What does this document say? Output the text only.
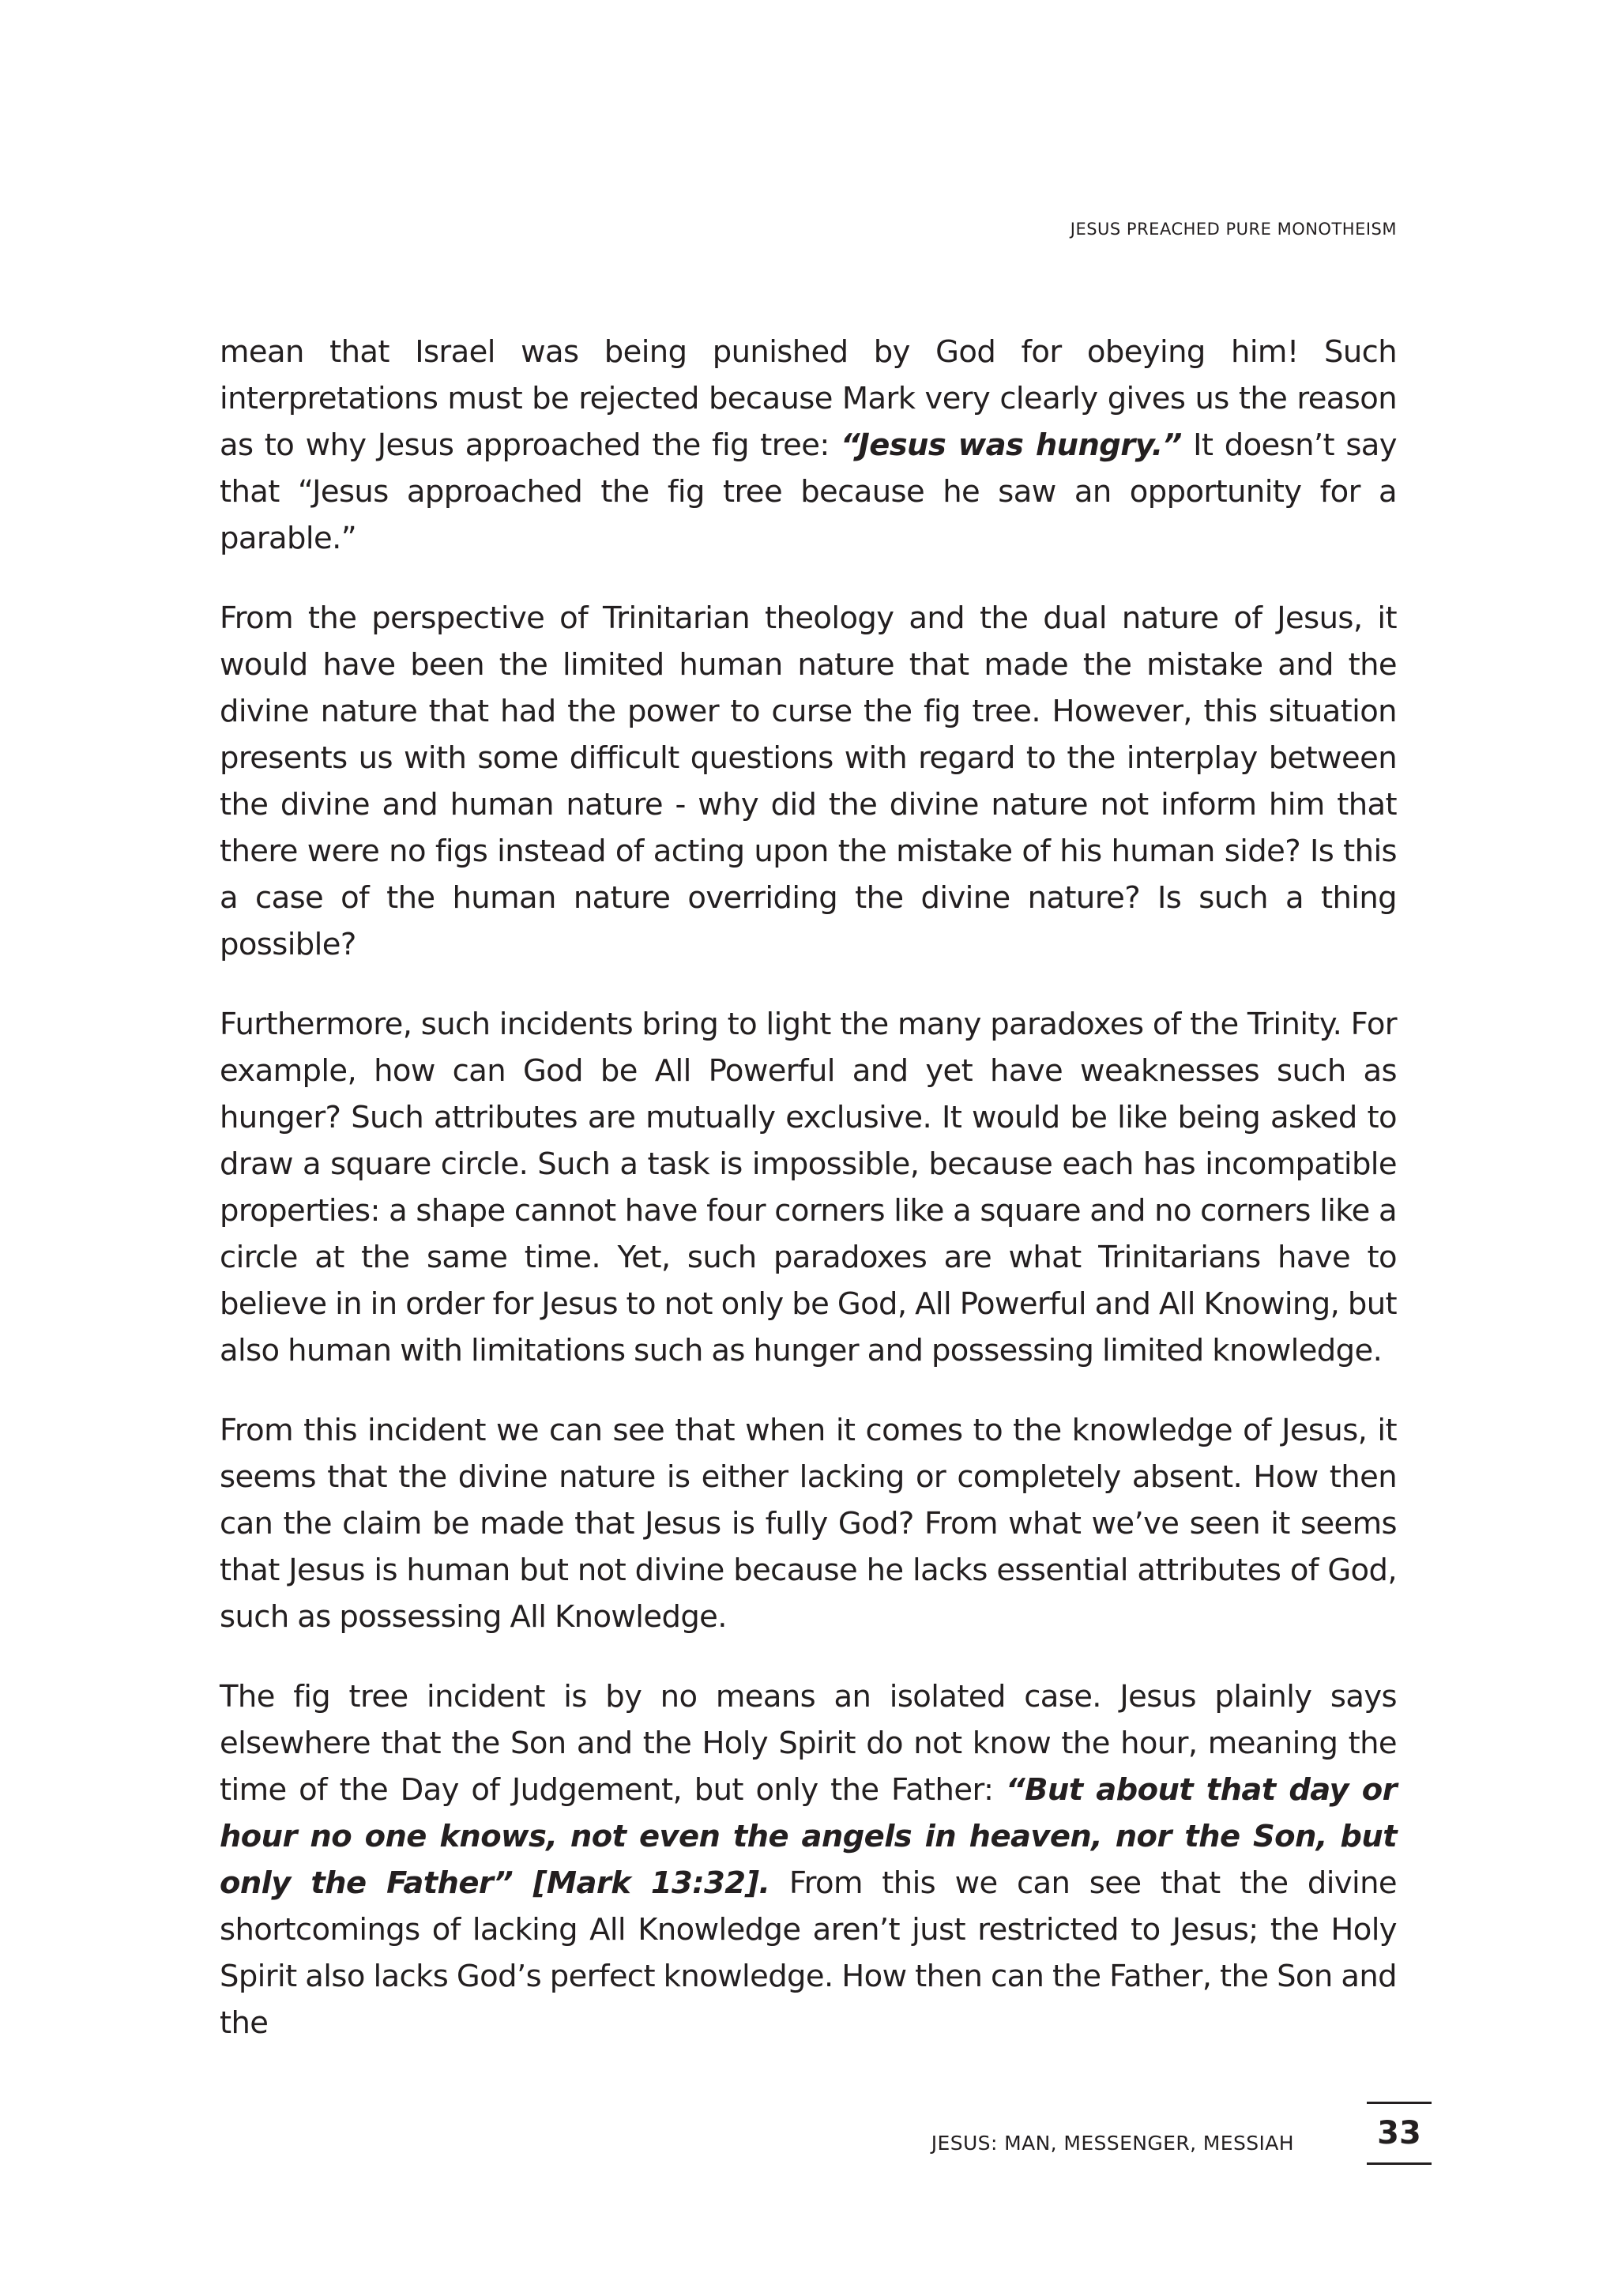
JESUS PREACHED PURE MONOTHEISM

mean that Israel was being punished by God for obeying him! Such interpretations must be rejected because Mark very clearly gives us the reason as to why Jesus approached the fig tree: “Jesus was hungry.” It doesn’t say that “Jesus approached the fig tree because he saw an opportunity for a parable.”

From the perspective of Trinitarian theology and the dual nature of Jesus, it would have been the limited human nature that made the mistake and the divine nature that had the power to curse the fig tree. However, this situation presents us with some difficult questions with regard to the interplay between the divine and human nature - why did the divine nature not inform him that there were no figs instead of acting upon the mistake of his human side? Is this a case of the human nature overriding the divine nature? Is such a thing possible?

Furthermore, such incidents bring to light the many paradoxes of the Trinity. For example, how can God be All Powerful and yet have weaknesses such as hunger? Such attributes are mutually exclusive. It would be like being asked to draw a square circle. Such a task is impossible, because each has incompatible properties: a shape cannot have four corners like a square and no corners like a circle at the same time. Yet, such paradoxes are what Trinitarians have to believe in in order for Jesus to not only be God, All Powerful and All Knowing, but also human with limitations such as hunger and possessing limited knowledge.

From this incident we can see that when it comes to the knowledge of Jesus, it seems that the divine nature is either lacking or completely absent. How then can the claim be made that Jesus is fully God? From what we’ve seen it seems that Jesus is human but not divine because he lacks essential attributes of God, such as possessing All Knowledge.

The fig tree incident is by no means an isolated case. Jesus plainly says elsewhere that the Son and the Holy Spirit do not know the hour, meaning the time of the Day of Judgement, but only the Father: “But about that day or hour no one knows, not even the angels in heaven, nor the Son, but only the Father” [Mark 13:32]. From this we can see that the divine shortcomings of lacking All Knowledge aren’t just restricted to Jesus; the Holy Spirit also lacks God’s perfect knowledge. How then can the Father, the Son and the

JESUS: MAN, MESSENGER, MESSIAH	33
